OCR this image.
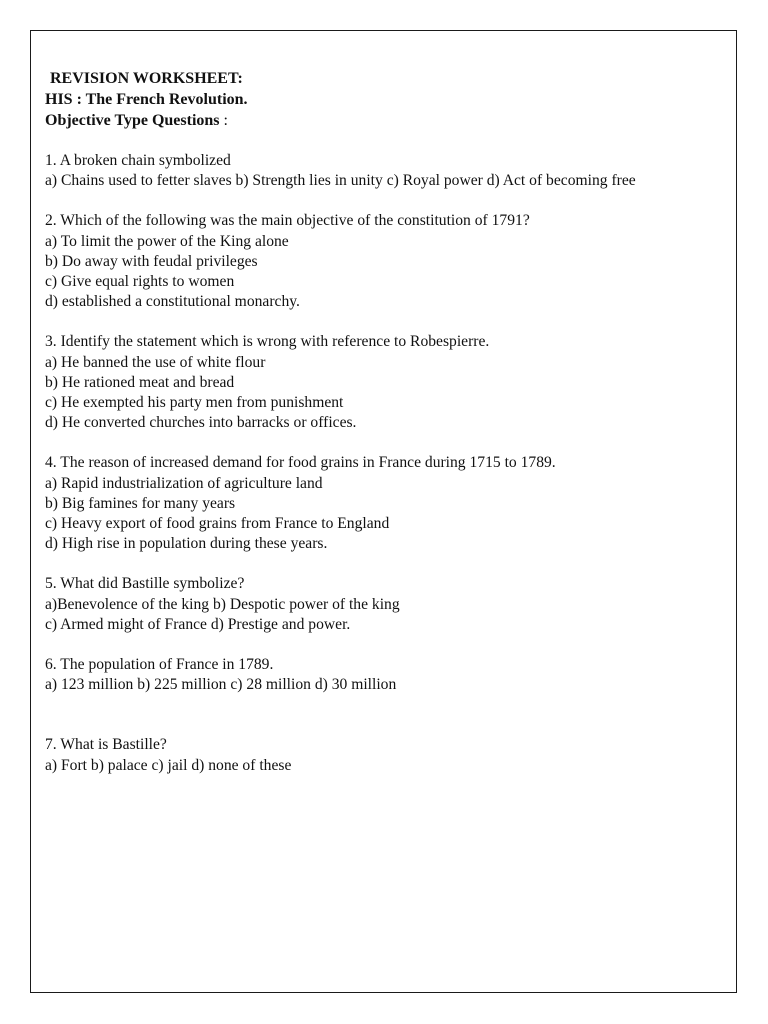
REVISION WORKSHEET:
HIS : The French Revolution.
Objective Type Questions :
1. A broken chain symbolized
a) Chains used to fetter slaves b) Strength lies in unity c) Royal power d) Act of becoming free
2. Which of the following was the main objective of the constitution of 1791?
a) To limit the power of the King alone
b) Do away with feudal privileges
c) Give equal rights to women
d) established a constitutional monarchy.
3. Identify the statement which is wrong with reference to Robespierre.
a) He banned the use of white flour
b) He rationed meat and bread
c) He exempted his party men from punishment
d) He converted churches into barracks or offices.
4. The reason of increased demand for food grains in France during 1715 to 1789.
a) Rapid industrialization of agriculture land
b) Big famines for many years
c) Heavy export of food grains from France to England
d) High rise in population during these years.
5. What did Bastille symbolize?
a)Benevolence of the king b) Despotic power of the king
c) Armed might of France d) Prestige and power.
6. The population of France in 1789.
a) 123 million b) 225 million c) 28 million d) 30 million
7. What is Bastille?
a) Fort b) palace c) jail d) none of these
